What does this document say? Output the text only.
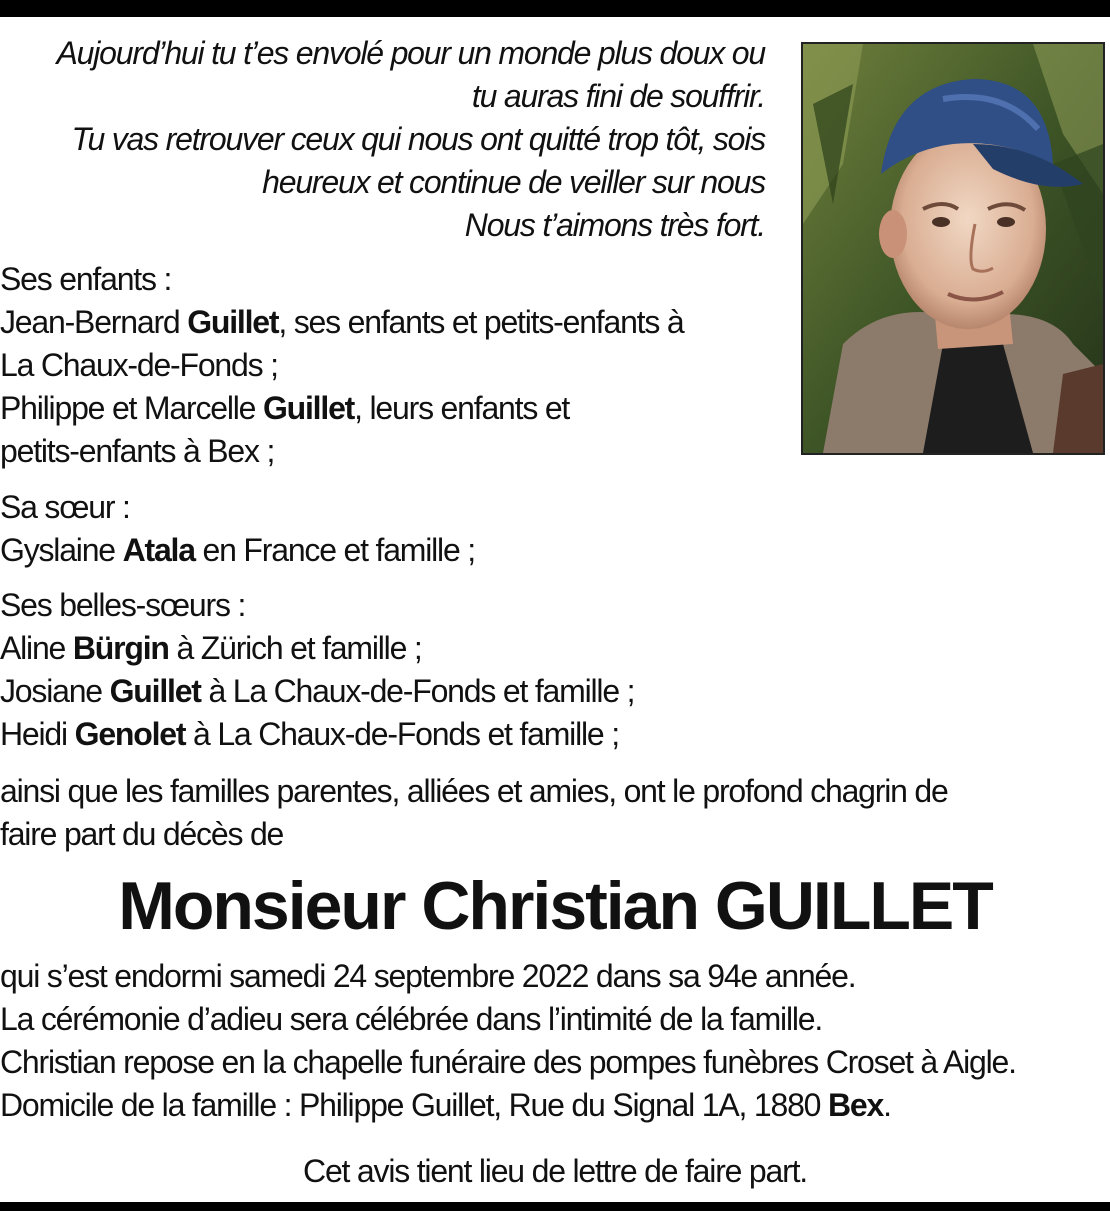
Aujourd’hui tu t’es envolé pour un monde plus doux ou
tu auras fini de souffrir.
Tu vas retrouver ceux qui nous ont quitté trop tôt, sois
heureux et continue de veiller sur nous
Nous t’aimons très fort.
Ses enfants :
Jean-Bernard Guillet, ses enfants et petits-enfants à
La Chaux-de-Fonds ;
Philippe et Marcelle Guillet, leurs enfants et
petits-enfants à Bex ;
Sa sœur :
Gyslaine Atala en France et famille ;
Ses belles-sœurs :
Aline Bürgin à Zürich et famille ;
Josiane Guillet à La Chaux-de-Fonds et famille ;
Heidi Genolet à La Chaux-de-Fonds et famille ;
ainsi que les familles parentes, alliées et amies, ont le profond chagrin de
faire part du décès de
Monsieur Christian GUILLET
qui s’est endormi samedi 24 septembre 2022 dans sa 94e année.
La cérémonie d’adieu sera célébrée dans l’intimité de la famille.
Christian repose en la chapelle funéraire des pompes funèbres Croset à Aigle.
Domicile de la famille : Philippe Guillet, Rue du Signal 1A, 1880 Bex.
Cet avis tient lieu de lettre de faire part.
